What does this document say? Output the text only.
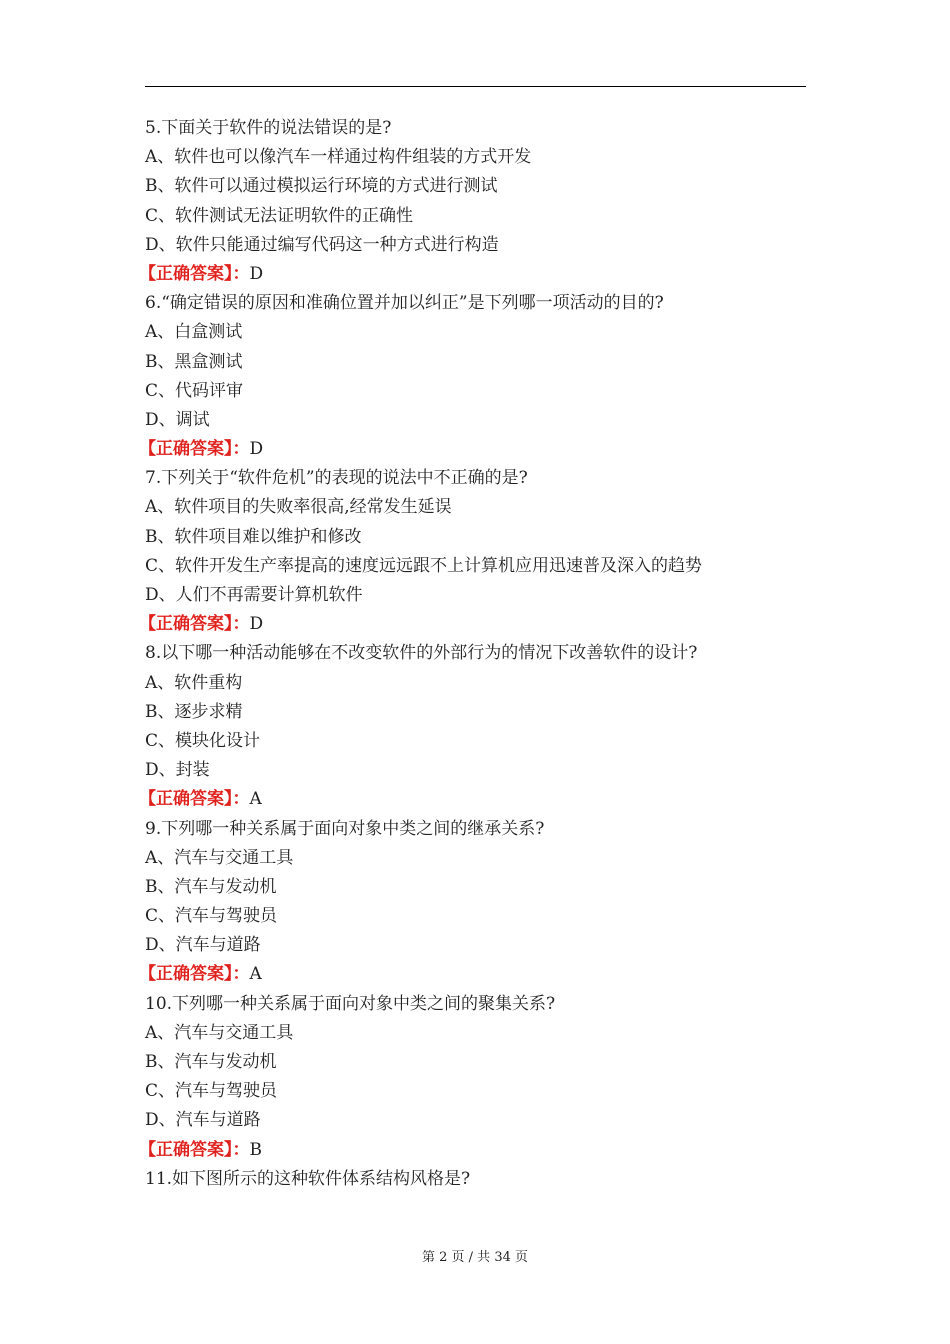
5.下面关于软件的说法错误的是?
A、软件也可以像汽车一样通过构件组装的方式开发
B、软件可以通过模拟运行环境的方式进行测试
C、软件测试无法证明软件的正确性
D、软件只能通过编写代码这一种方式进行构造
【正确答案】：D
6.“确定错误的原因和准确位置并加以纠正”是下列哪一项活动的目的?
A、白盒测试
B、黑盒测试
C、代码评审
D、调试
【正确答案】：D
7.下列关于“软件危机”的表现的说法中不正确的是?
A、软件项目的失败率很高,经常发生延误
B、软件项目难以维护和修改
C、软件开发生产率提高的速度远远跟不上计算机应用迅速普及深入的趋势
D、人们不再需要计算机软件
【正确答案】：D
8.以下哪一种活动能够在不改变软件的外部行为的情况下改善软件的设计?
A、软件重构
B、逐步求精
C、模块化设计
D、封装
【正确答案】：A
9.下列哪一种关系属于面向对象中类之间的继承关系?
A、汽车与交通工具
B、汽车与发动机
C、汽车与驾驶员
D、汽车与道路
【正确答案】：A
10.下列哪一种关系属于面向对象中类之间的聚集关系?
A、汽车与交通工具
B、汽车与发动机
C、汽车与驾驶员
D、汽车与道路
【正确答案】：B
11.如下图所示的这种软件体系结构风格是?
第 2 页 / 共 34 页
